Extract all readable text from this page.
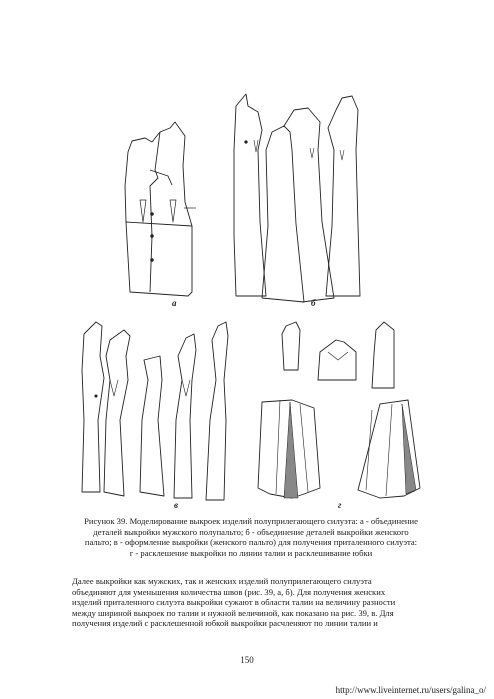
а	б
в	г

Рисунок 39. Моделирование выкроек изделий полуприлегающего силуэта: а - объединение

деталей выкройки мужского полупальто; б - объединение деталей выкройки женского

пальто; в - оформление выкройки (женского пальто) для получения приталенного силуэта:

г - расклешение выкройки по линии талии и расклешивание юбки

Далее выкройки как мужских, так и женских изделий полуприлегающего силуэта

объединяют для уменьшения количества швов (рис. 39, а, б). Для получения женских

изделий приталенного силуэта выкройки сужают в области талии на величину разности

между шириной выкроек по талии и нужной величиной, как показано на рис. 39, в. Для

получения изделий с расклешенной юбкой выкройки расчленяют по линии талии и

150
http://www.liveinternet.ru/users/galina_o/
